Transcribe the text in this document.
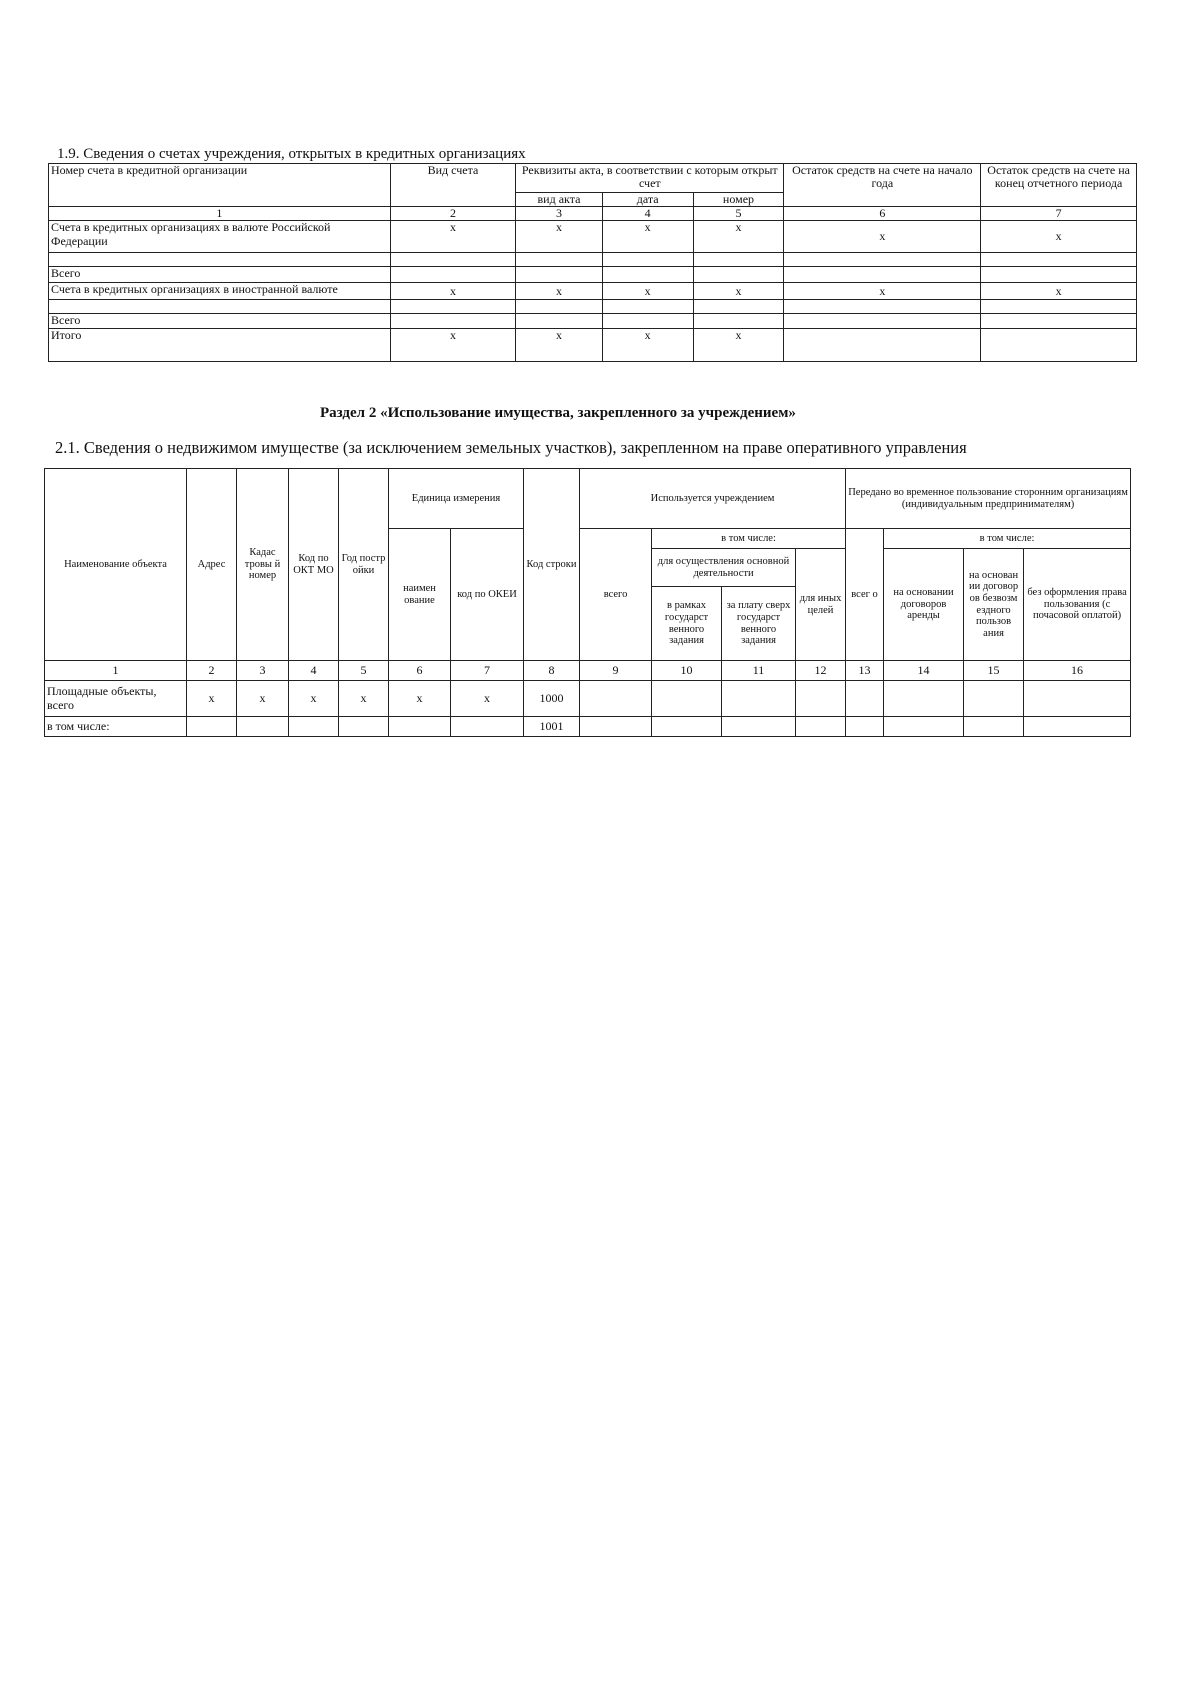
1.9. Сведения о счетах учреждения, открытых в кредитных организациях
Номер счета в кредитной организации	Вид счета	Реквизиты акта, в соответствии с которым открыт счет			Остаток средств на счете на начало года	Остаток средств на счете на конец отчетного периода
		вид акта	дата	номер		
1	2	3	4	5	6	7
Счета в кредитных организациях в валюте Российской Федерации	x	x	x	x	x	x

Всего						
Счета в кредитных организациях в иностранной валюте	x	x	x	x	x	x

Всего						
Итого	x	x	x	x		
Раздел 2 «Использование имущества, закрепленного за учреждением»
2.1. Сведения о недвижимом имуществе (за исключением земельных участков), закрепленном на праве оперативного управления
Наименование объекта	Адрес	Кадас тровы й номер	Код по ОКТ МО	Год постр ойки	Единица измерения		Код строки	Используется учреждением				Передано во временное пользование сторонним организациям (индивидуальным предпринимателям)			
					наимен ование	код по ОКЕИ		всего	в том числе:			всег о	в том числе:		
									для осуществления основной деятельности		для иных целей		на основании договоров аренды	на основан ии договор ов безвозм ездного пользов ания	без оформления права пользования (с почасовой оплатой)
									в рамках государст венного задания	за плату сверх государст венного задания					

1	2	3	4	5	6	7	8	9	10	11	12	13	14	15	16
Площадные объекты, всего	x	x	x	x	x	x	1000								
в том числе:							1001								
